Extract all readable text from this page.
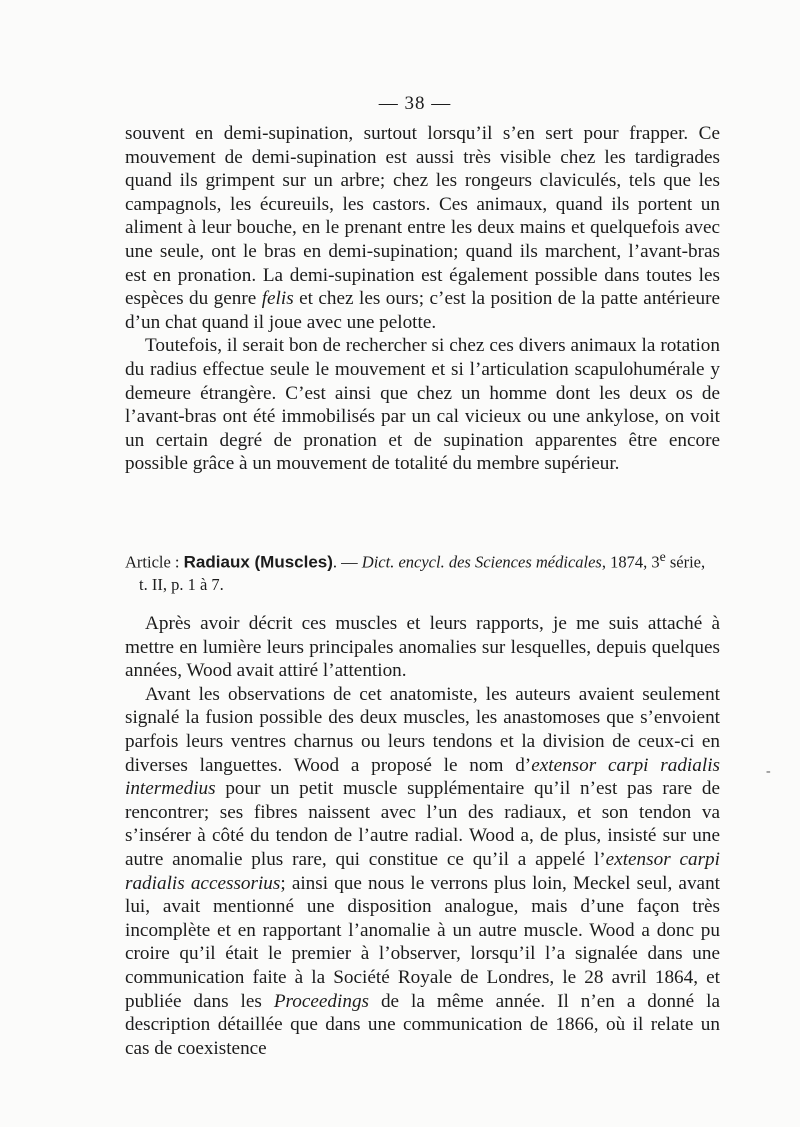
— 38 —

souvent en demi-supination, surtout lorsqu’il s’en sert pour frapper. Ce mouvement de demi-supination est aussi très visible chez les tardigrades quand ils grimpent sur un arbre; chez les rongeurs claviculés, tels que les campagnols, les écureuils, les castors. Ces animaux, quand ils portent un aliment à leur bouche, en le prenant entre les deux mains et quelquefois avec une seule, ont le bras en demi-supination; quand ils marchent, l’avant-bras est en pronation. La demi-supination est également possible dans toutes les espèces du genre felis et chez les ours; c’est la position de la patte antérieure d’un chat quand il joue avec une pelotte.

Toutefois, il serait bon de rechercher si chez ces divers animaux la rotation du radius effectue seule le mouvement et si l’articulation scapulohumérale y demeure étrangère. C’est ainsi que chez un homme dont les deux os de l’avant-bras ont été immobilisés par un cal vicieux ou une ankylose, on voit un certain degré de pronation et de supination apparentes être encore possible grâce à un mouvement de totalité du membre supérieur.

Article : Radiaux (Muscles). — Dict. encycl. des Sciences médicales, 1874, 3e série,
t. II, p. 1 à 7.

Après avoir décrit ces muscles et leurs rapports, je me suis attaché à mettre en lumière leurs principales anomalies sur lesquelles, depuis quelques années, Wood avait attiré l’attention.

Avant les observations de cet anatomiste, les auteurs avaient seulement signalé la fusion possible des deux muscles, les anastomoses que s’envoient parfois leurs ventres charnus ou leurs tendons et la division de ceux-ci en diverses languettes. Wood a proposé le nom d’extensor carpi radialis intermedius pour un petit muscle supplémentaire qu’il n’est pas rare de rencontrer; ses fibres naissent avec l’un des radiaux, et son tendon va s’insérer à côté du tendon de l’autre radial. Wood a, de plus, insisté sur une autre anomalie plus rare, qui constitue ce qu’il a appelé l’extensor carpi radialis accessorius; ainsi que nous le verrons plus loin, Meckel seul, avant lui, avait mentionné une disposition analogue, mais d’une façon très incomplète et en rapportant l’anomalie à un autre muscle. Wood a donc pu croire qu’il était le premier à l’observer, lorsqu’il l’a signalée dans une communication faite à la Société Royale de Londres, le 28 avril 1864, et publiée dans les Proceedings de la même année. Il n’en a donné la description détaillée que dans une communication de 1866, où il relate un cas de coexistence

-
